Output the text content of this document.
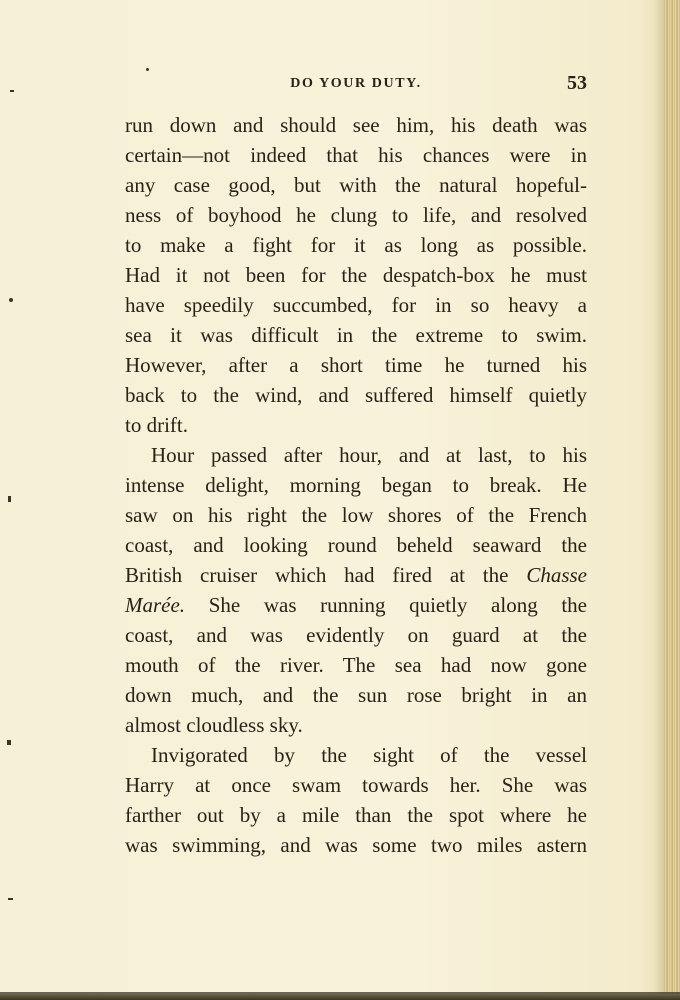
DO YOUR DUTY.	53
run down and should see him, his death was
certain—not indeed that his chances were in
any case good, but with the natural hopeful-
ness of boyhood he clung to life, and resolved
to make a fight for it as long as possible.
Had it not been for the despatch-box he must
have speedily succumbed, for in so heavy a
sea it was difficult in the extreme to swim.
However, after a short time he turned his
back to the wind, and suffered himself quietly
to drift.
Hour passed after hour, and at last, to his
intense delight, morning began to break. He
saw on his right the low shores of the French
coast, and looking round beheld seaward the
British cruiser which had fired at the Chasse
Marée. She was running quietly along the
coast, and was evidently on guard at the
mouth of the river. The sea had now gone
down much, and the sun rose bright in an
almost cloudless sky.
Invigorated by the sight of the vessel
Harry at once swam towards her. She was
farther out by a mile than the spot where he
was swimming, and was some two miles astern
